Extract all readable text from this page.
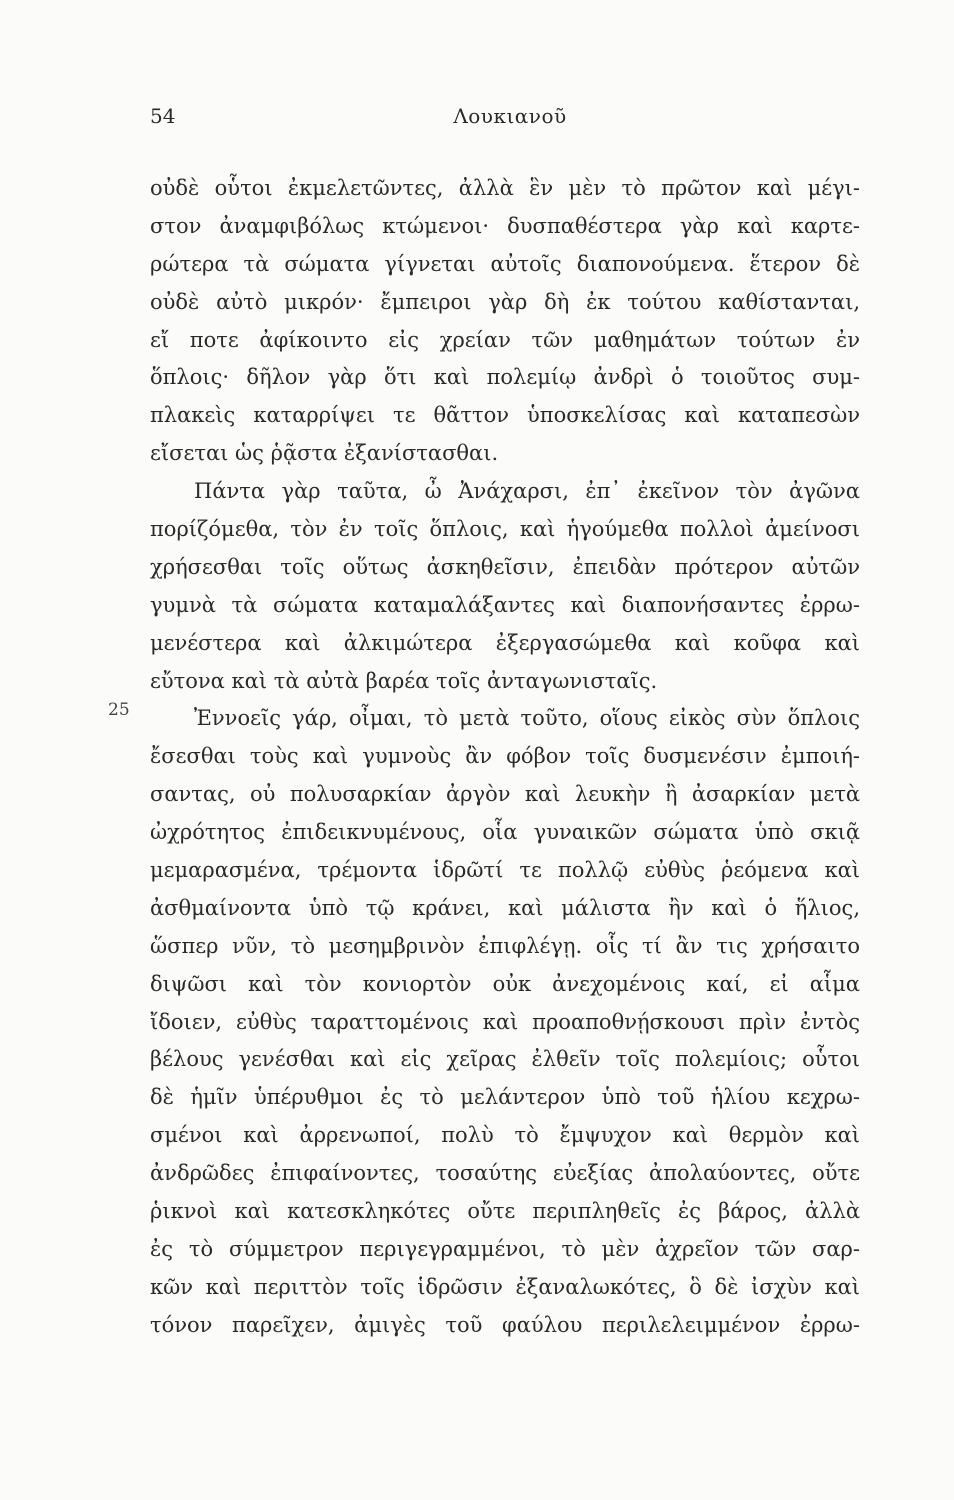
54	Λουκιανοῦ
οὐδὲ οὗτοι ἐκμελετῶντες, ἀλλὰ ἓν μὲν τὸ πρῶτον καὶ μέγι-
στον ἀναμφιβόλως κτώμενοι· δυσπαθέστερα γὰρ καὶ καρτε-
ρώτερα τὰ σώματα γίγνεται αὐτοῖς διαπονούμενα. ἕτερον δὲ
οὐδὲ αὐτὸ μικρόν· ἔμπειροι γὰρ δὴ ἐκ τούτου καθίστανται,
εἴ ποτε ἀφίκοιντο εἰς χρείαν τῶν μαθημάτων τούτων ἐν
ὅπλοις· δῆλον γὰρ ὅτι καὶ πολεμίῳ ἀνδρὶ ὁ τοιοῦτος συμ-
πλακεὶς καταρρίψει τε θᾶττον ὑποσκελίσας καὶ καταπεσὼν
εἴσεται ὡς ῥᾷστα ἐξανίστασθαι.
Πάντα γὰρ ταῦτα, ὦ Ἀνάχαρσι, ἐπ᾽ ἐκεῖνον τὸν ἀγῶνα
πορίζόμεθα, τὸν ἐν τοῖς ὅπλοις, καὶ ἡγούμεθα πολλοὶ ἀμείνοσι
χρήσεσθαι τοῖς οὕτως ἀσκηθεῖσιν, ἐπειδὰν πρότερον αὐτῶν
γυμνὰ τὰ σώματα καταμαλάξαντες καὶ διαπονήσαντες ἐρρω-
μενέστερα καὶ ἀλκιμώτερα ἐξεργασώμεθα καὶ κοῦφα καὶ
εὔτονα καὶ τὰ αὐτὰ βαρέα τοῖς ἀνταγωνισταῖς.
25	Ἐννοεῖς γάρ, οἶμαι, τὸ μετὰ τοῦτο, οἵους εἰκὸς σὺν ὅπλοις
ἔσεσθαι τοὺς καὶ γυμνοὺς ἂν φόβον τοῖς δυσμενέσιν ἐμποιή-
σαντας, οὐ πολυσαρκίαν ἀργὸν καὶ λευκὴν ἢ ἀσαρκίαν μετὰ
ὠχρότητος ἐπιδεικνυμένους, οἷα γυναικῶν σώματα ὑπὸ σκιᾷ
μεμαρασμένα, τρέμοντα ἱδρῶτί τε πολλῷ εὐθὺς ῥεόμενα καὶ
ἀσθμαίνοντα ὑπὸ τῷ κράνει, καὶ μάλιστα ἢν καὶ ὁ ἥλιος,
ὥσπερ νῦν, τὸ μεσημβρινὸν ἐπιφλέγῃ. οἷς τί ἂν τις χρήσαιτο
διψῶσι καὶ τὸν κονιορτὸν οὐκ ἀνεχομένοις καί, εἰ αἷμα
ἴδοιεν, εὐθὺς ταραττομένοις καὶ προαποθνῄσκουσι πρὶν ἐντὸς
βέλους γενέσθαι καὶ εἰς χεῖρας ἐλθεῖν τοῖς πολεμίοις; οὗτοι
δὲ ἡμῖν ὑπέρυθμοι ἐς τὸ μελάντερον ὑπὸ τοῦ ἡλίου κεχρω-
σμένοι καὶ ἀρρενωποί, πολὺ τὸ ἔμψυχον καὶ θερμὸν καὶ
ἀνδρῶδες ἐπιφαίνοντες, τοσαύτης εὐεξίας ἀπολαύοντες, οὔτε
ῥικνοὶ καὶ κατεσκληκότες οὔτε περιπληθεῖς ἐς βάρος, ἀλλὰ
ἐς τὸ σύμμετρον περιγεγραμμένοι, τὸ μὲν ἀχρεῖον τῶν σαρ-
κῶν καὶ περιττὸν τοῖς ἱδρῶσιν ἐξαναλωκότες, ὃ δὲ ἰσχὺν καὶ
τόνον παρεῖχεν, ἀμιγὲς τοῦ φαύλου περιλελειμμένον ἐρρω-
